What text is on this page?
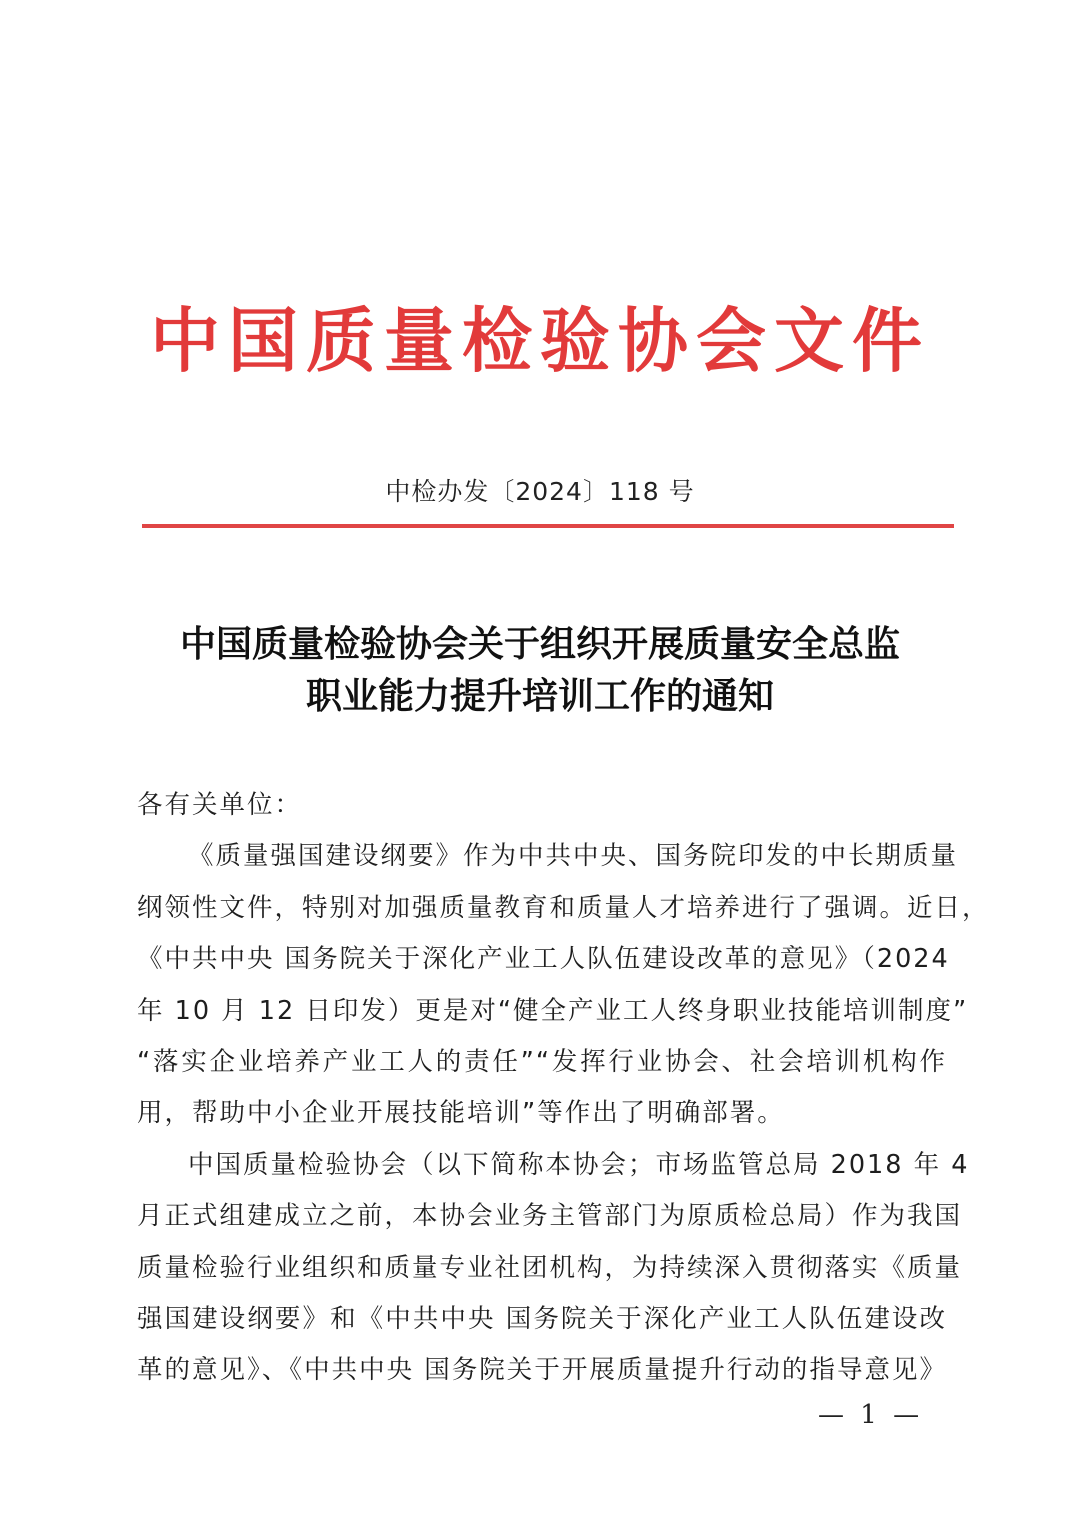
中国质量检验协会文件
中检办发〔2024〕118 号
中国质量检验协会关于组织开展质量安全总监
职业能力提升培训工作的通知
各有关单位：
《质量强国建设纲要》作为中共中央、国务院印发的中长期质量
纲领性文件，特别对加强质量教育和质量人才培养进行了强调。近日，
《中共中央 国务院关于深化产业工人队伍建设改革的意见》（2024
年 10 月 12 日印发）更是对“健全产业工人终身职业技能培训制度”
“落实企业培养产业工人的责任”“发挥行业协会、社会培训机构作
用，帮助中小企业开展技能培训”等作出了明确部署。
中国质量检验协会（以下简称本协会；市场监管总局 2018 年 4
月正式组建成立之前，本协会业务主管部门为原质检总局）作为我国
质量检验行业组织和质量专业社团机构，为持续深入贯彻落实《质量
强国建设纲要》和《中共中央 国务院关于深化产业工人队伍建设改
革的意见》、《中共中央 国务院关于开展质量提升行动的指导意见》
— 1 —
